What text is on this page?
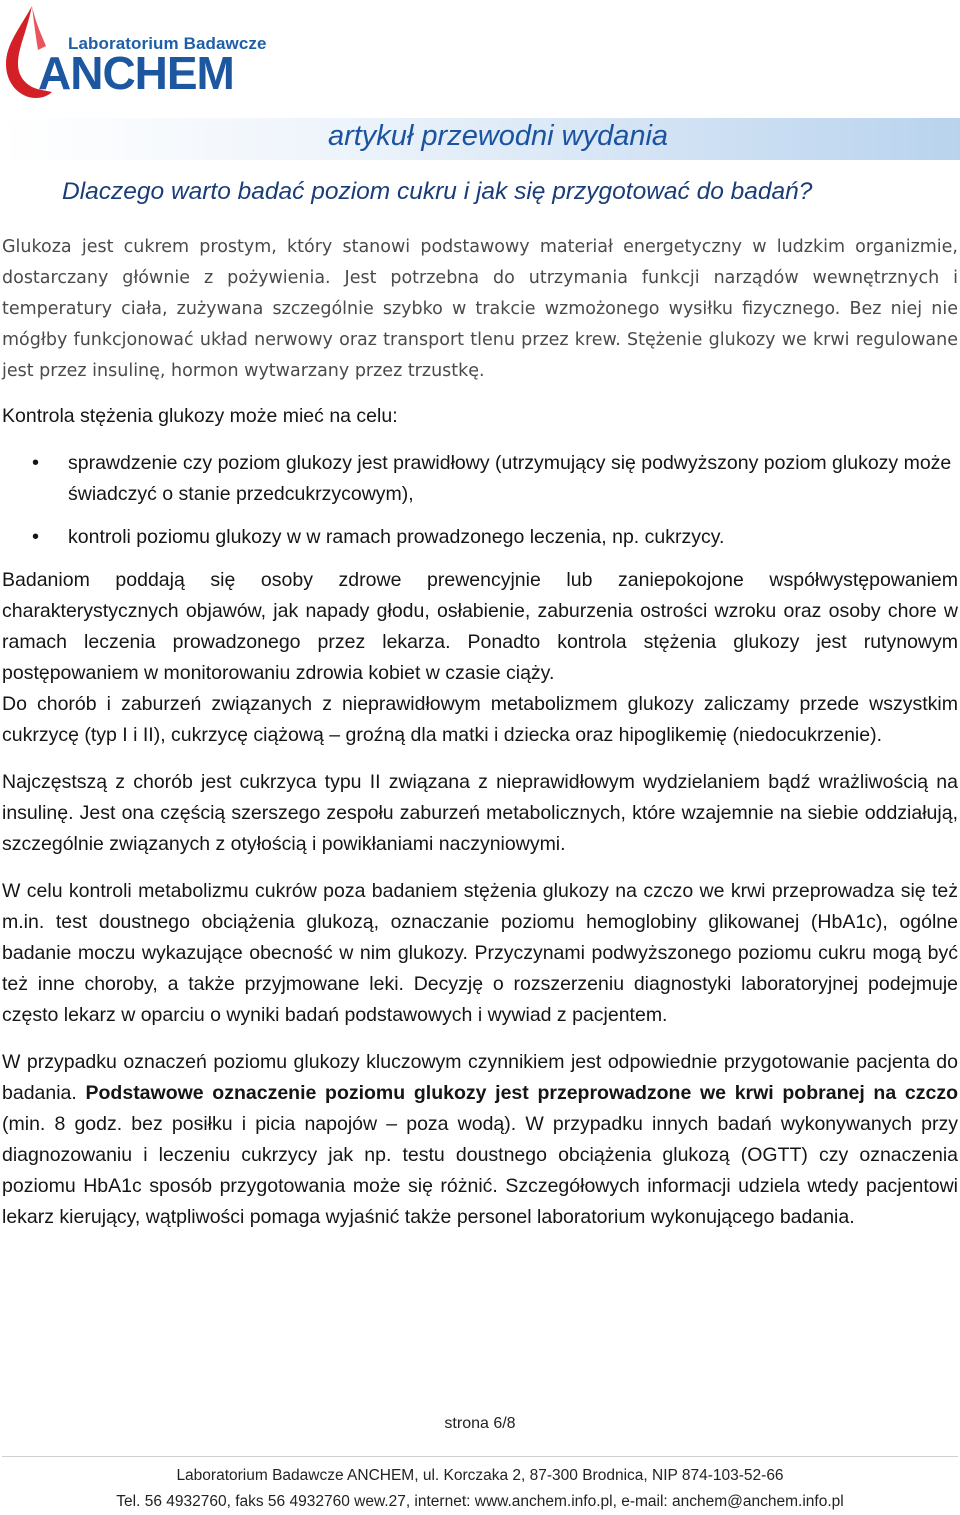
Laboratorium Badawcze
ANCHEM
artykuł przewodni wydania
Dlaczego warto badać poziom cukru i jak się przygotować do badań?

Glukoza jest cukrem prostym, który stanowi podstawowy materiał energetyczny w ludzkim organizmie, dostarczany głównie z pożywienia. Jest potrzebna do utrzymania funkcji narządów wewnętrznych i temperatury ciała, zużywana szczególnie szybko w trakcie wzmożonego wysiłku fizycznego. Bez niej nie mógłby funkcjonować układ nerwowy oraz transport tlenu przez krew. Stężenie glukozy we krwi regulowane jest przez insulinę, hormon wytwarzany przez trzustkę.

Kontrola stężenia glukozy może mieć na celu:

• sprawdzenie czy poziom glukozy jest prawidłowy (utrzymujący się podwyższony poziom glukozy może świadczyć o stanie przedcukrzycowym),
• kontroli poziomu glukozy w w ramach prowadzonego leczenia, np. cukrzycy.

Badaniom poddają się osoby zdrowe prewencyjnie lub zaniepokojone współwystępowaniem charakterystycznych objawów, jak napady głodu, osłabienie, zaburzenia ostrości wzroku oraz osoby chore w ramach leczenia prowadzonego przez lekarza. Ponadto kontrola stężenia glukozy jest rutynowym postępowaniem w monitorowaniu zdrowia kobiet w czasie ciąży.

Do chorób i zaburzeń związanych z nieprawidłowym metabolizmem glukozy zaliczamy przede wszystkim cukrzycę (typ I i II), cukrzycę ciążową – groźną dla matki i dziecka oraz hipoglikemię (niedocukrzenie).

Najczęstszą z chorób jest cukrzyca typu II związana z nieprawidłowym wydzielaniem bądź wrażliwością na insulinę. Jest ona częścią szerszego zespołu zaburzeń metabolicznych, które wzajemnie na siebie oddziałują, szczególnie związanych z otyłością i powikłaniami naczyniowymi.

W celu kontroli metabolizmu cukrów poza badaniem stężenia glukozy na czczo we krwi przeprowadza się też m.in. test doustnego obciążenia glukozą, oznaczanie poziomu hemoglobiny glikowanej (HbA1c), ogólne badanie moczu wykazujące obecność w nim glukozy. Przyczynami podwyższonego poziomu cukru mogą być też inne choroby, a także przyjmowane leki. Decyzję o rozszerzeniu diagnostyki laboratoryjnej podejmuje często lekarz w oparciu o wyniki badań podstawowych i wywiad z pacjentem.

W przypadku oznaczeń poziomu glukozy kluczowym czynnikiem jest odpowiednie przygotowanie pacjenta do badania. Podstawowe oznaczenie poziomu glukozy jest przeprowadzone we krwi pobranej na czczo (min. 8 godz. bez posiłku i picia napojów – poza wodą). W przypadku innych badań wykonywanych przy diagnozowaniu i leczeniu cukrzycy jak np. testu doustnego obciążenia glukozą (OGTT) czy oznaczenia poziomu HbA1c sposób przygotowania może się różnić. Szczegółowych informacji udziela wtedy pacjentowi lekarz kierujący, wątpliwości pomaga wyjaśnić także personel laboratorium wykonującego badania.

strona 6/8
Laboratorium Badawcze ANCHEM, ul. Korczaka 2, 87-300 Brodnica, NIP 874-103-52-66
Tel. 56 4932760, faks 56 4932760 wew.27, internet: www.anchem.info.pl, e-mail: anchem@anchem.info.pl
